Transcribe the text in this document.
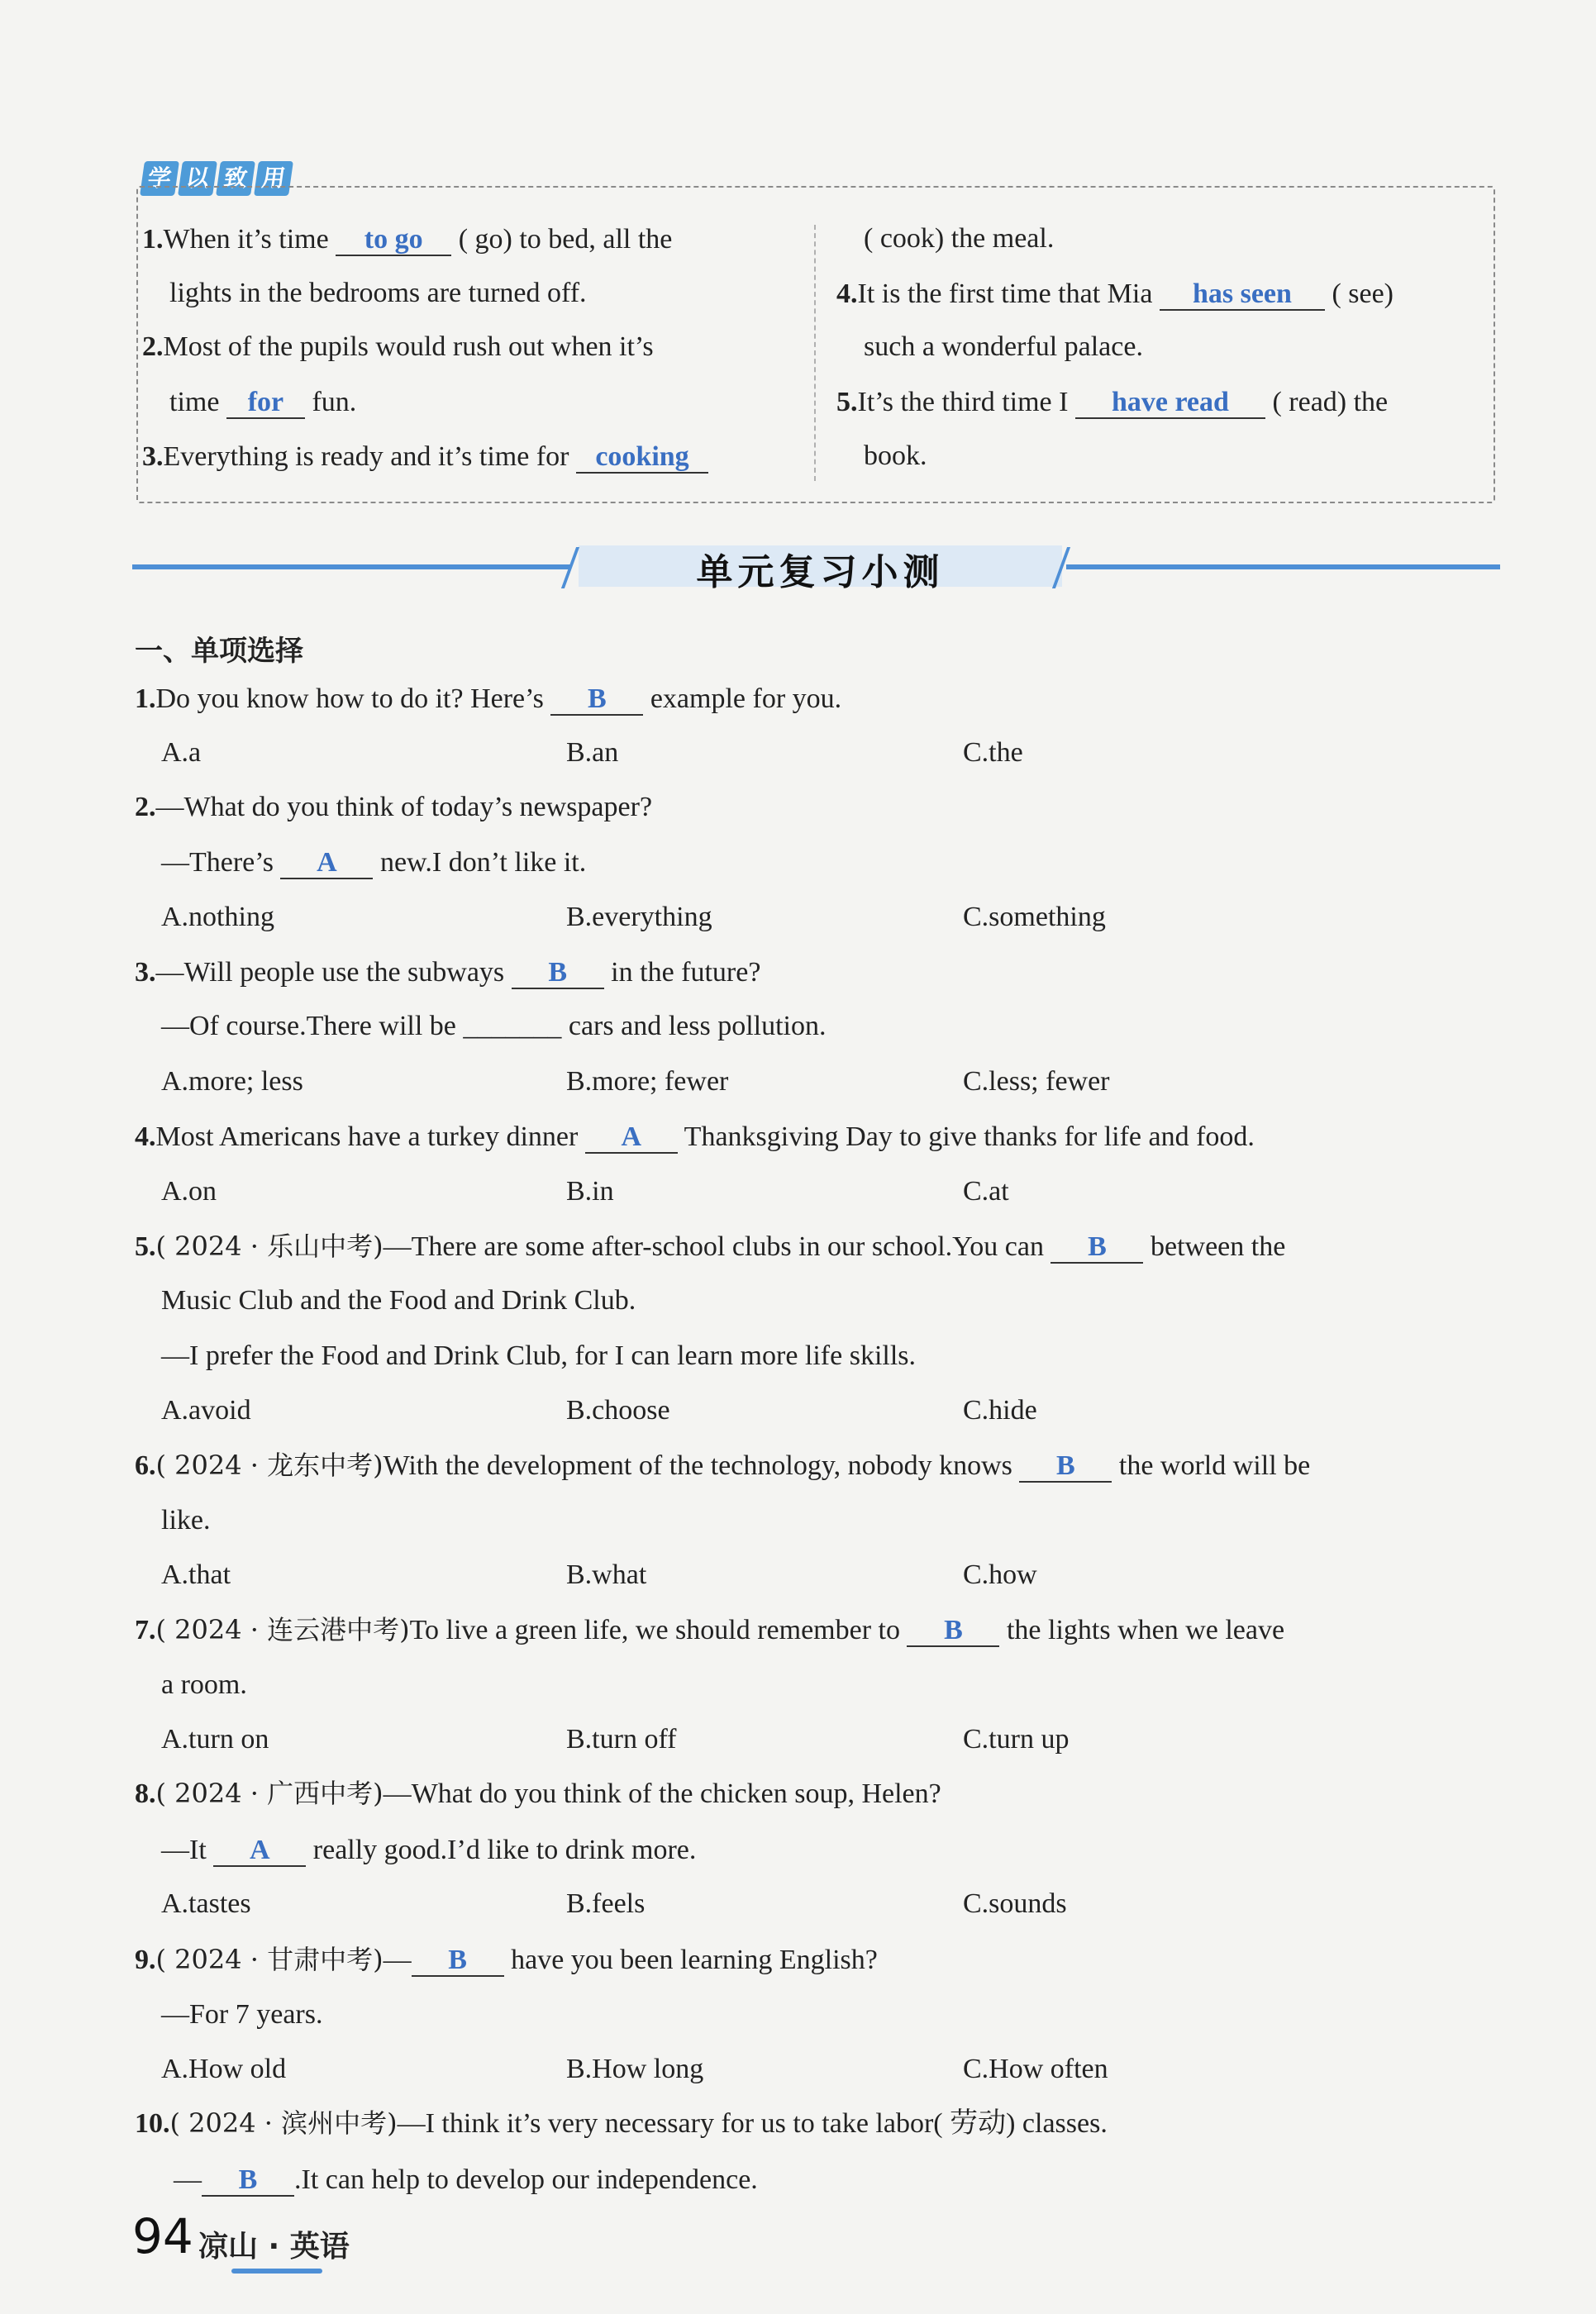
学 以 致 用
1.When it’s time to go ( go) to bed, all the
lights in the bedrooms are turned off.
2.Most of the pupils would rush out when it’s
time for fun.
3.Everything is ready and it’s time for cooking
( cook) the meal.
4.It is the first time that Mia has seen ( see)
such a wonderful palace.
5.It’s the third time I have read ( read) the
book.
单元复习小测
一、单项选择
1.Do you know how to do it? Here’s B example for you.
A.a	B.an	C.the
2.—What do you think of today’s newspaper?
—There’s A new.I don’t like it.
A.nothing	B.everything	C.something
3.—Will people use the subways B in the future?
—Of course.There will be _______ cars and less pollution.
A.more; less	B.more; fewer	C.less; fewer
4.Most Americans have a turkey dinner A Thanksgiving Day to give thanks for life and food.
A.on	B.in	C.at
5.( 2024 · 乐山中考)—There are some after-school clubs in our school.You can B between the
Music Club and the Food and Drink Club.
—I prefer the Food and Drink Club, for I can learn more life skills.
A.avoid	B.choose	C.hide
6.( 2024 · 龙东中考)With the development of the technology, nobody knows B the world will be
like.
A.that	B.what	C.how
7.( 2024 · 连云港中考)To live a green life, we should remember to B the lights when we leave
a room.
A.turn on	B.turn off	C.turn up
8.( 2024 · 广西中考)—What do you think of the chicken soup, Helen?
—It A really good.I’d like to drink more.
A.tastes	B.feels	C.sounds
9.( 2024 · 甘肃中考)— B have you been learning English?
—For 7 years.
A.How old	B.How long	C.How often
10.( 2024 · 滨州中考)—I think it’s very necessary for us to take labor( 劳动) classes.
— B .It can help to develop our independence.
94 凉山 · 英语
